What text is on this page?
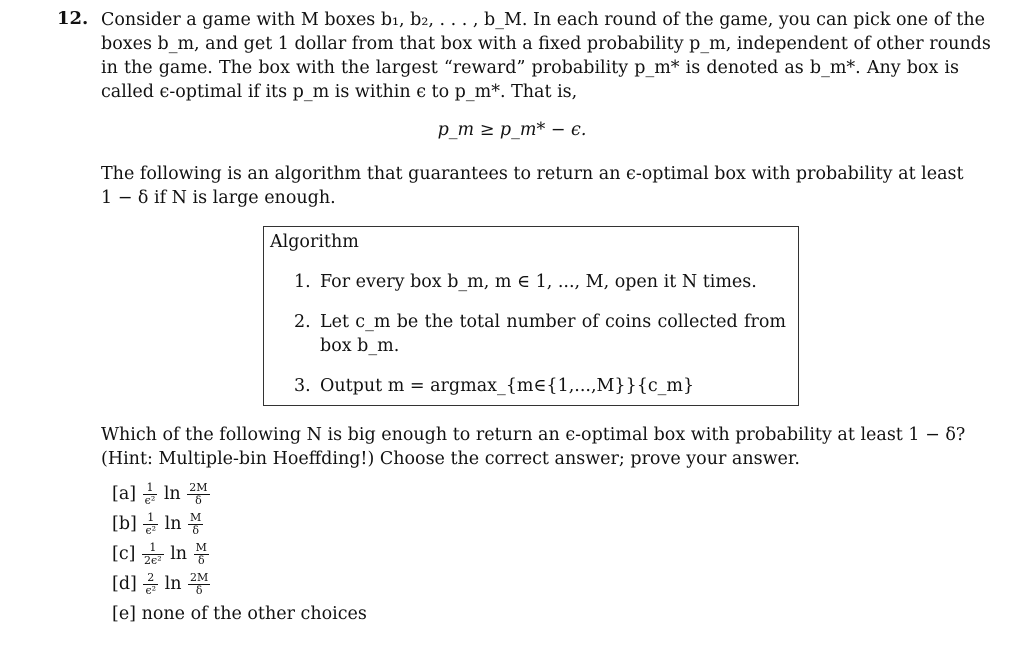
12. Consider a game with M boxes b₁, b₂, . . . , b_M. In each round of the game, you can pick one of the
boxes b_m, and get 1 dollar from that box with a fixed probability p_m, independent of other rounds
in the game. The box with the largest “reward” probability p_m* is denoted as b_m*. Any box is
called ϵ-optimal if its p_m is within ϵ to p_m*. That is,
p_m ≥ p_m* − ϵ.
The following is an algorithm that guarantees to return an ϵ-optimal box with probability at least
1 − δ if N is large enough.
Algorithm
1. For every box b_m, m ∈ 1, ..., M, open it N times.
2. Let c_m be the total number of coins collected from
box b_m.
3. Output m = argmax_{m∈{1,...,M}}{c_m}
Which of the following N is big enough to return an ϵ-optimal box with probability at least 1 − δ?
(Hint: Multiple-bin Hoeffding!) Choose the correct answer; prove your answer.
$[a] \frac{1}{\text{ϵ²}}$ $\ln \frac{2M}{\delta}$
$[b] \frac{1}{\text{ϵ²}}$ $\ln \frac{M}{\delta}$
$[c] \frac{1}{\text{2ϵ²}}$ $\ln \frac{M}{\delta}$
$[d] \frac{2}{\text{ϵ²}}$ $\ln \frac{2M}{\delta}$
[e] none of the other choices
